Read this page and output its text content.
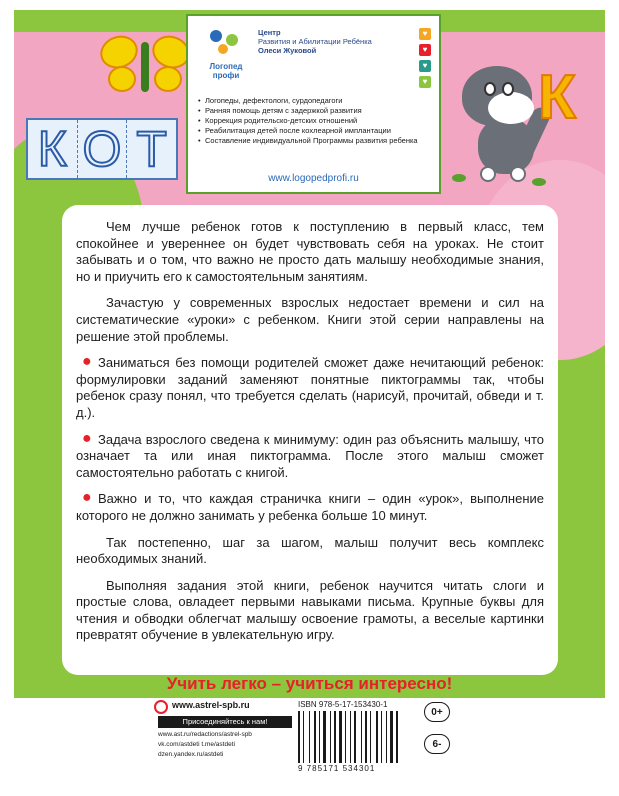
К О Т
К
Логопед профи
Центр
Развития и Абилитации Ребёнка
Олеси Жуковой
♥
♥
♥
♥
• Логопеды, дефектологи, сурдопедагоги
• Ранняя помощь детям с задержкой развития
• Коррекция родительско-детских отношений
• Реабилитация детей после кохлеарной имплантации
• Составление индивидуальной Программы развития ребенка
www.logopedprofi.ru

Чем лучше ребенок готов к поступлению в первый класс, тем спокойнее и увереннее он будет чувствовать себя на уроках. Не стоит забывать и о том, что важно не просто дать малышу необходимые знания, но и приучить его к самостоятельным занятиям.

Зачастую у современных взрослых недостает времени и сил на систематические «уроки» с ребенком. Книги этой серии направлены на решение этой проблемы.

● Заниматься без помощи родителей сможет даже нечитающий ребенок: формулировки заданий заменяют понятные пиктограммы так, чтобы ребенок сразу понял, что требуется сделать (нарисуй, прочитай, обведи и т. д.).

● Задача взрослого сведена к минимуму: один раз объяснить малышу, что означает та или иная пиктограмма. После этого малыш сможет самостоятельно работать с книгой.

● Важно и то, что каждая страничка книги – один «урок», выполнение которого не должно занимать у ребенка больше 10 минут.

Так постепенно, шаг за шагом, малыш получит весь комплекс необходимых знаний.

Выполняя задания этой книги, ребенок научится читать слоги и простые слова, овладеет первыми навыками письма. Крупные буквы для чтения и обводки облегчат малышу освоение грамоты, а веселые картинки превратят обучение в увлекательную игру.

Учить легко – учиться интересно!
www.astrel-spb.ru
Присоединяйтесь к нам!
www.ast.ru/redactions/astrel-spb
vk.com/astdeti t.me/astdeti
dzen.yandex.ru/astdeti
ISBN 978-5-17-153430-1
9 785171 534301
0+
6-
